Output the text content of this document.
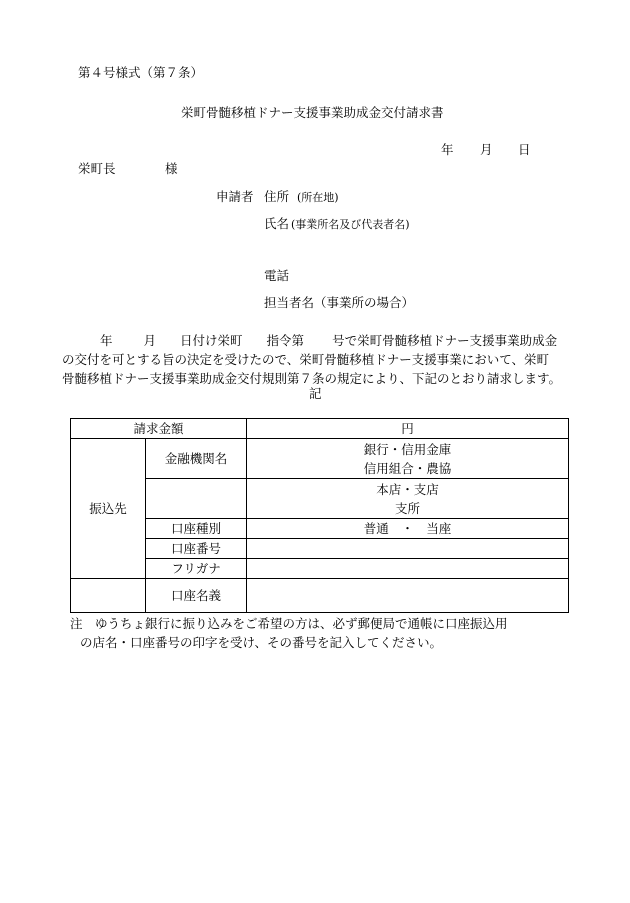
第４号様式（第７条）
栄町骨髄移植ドナー支援事業助成金交付請求書
年 月 日
栄町長	様
申請者 住所 (所在地)
氏名 (事業所名及び代表者名)
電話
担当者名（事業所の場合）
年 月 日付け栄町 指令第 号で栄町骨髄移植ドナー支援事業助成金
の交付を可とする旨の決定を受けたので、栄町骨髄移植ドナー支援事業において、栄町
骨髄移植ドナー支援事業助成金交付規則第７条の規定により、下記のとおり請求します。
記
請求金額		円
振込先	金融機関名	銀行・信用金庫
		信用組合・農協
		本店・支店
		支所
	口座種別	普通　・　当座
	口座番号	
	フリガナ	
	口座名義	
注　ゆうちょ銀行に振り込みをご希望の方は、必ず郵便局で通帳に口座振込用
の店名・口座番号の印字を受け、その番号を記入してください。
